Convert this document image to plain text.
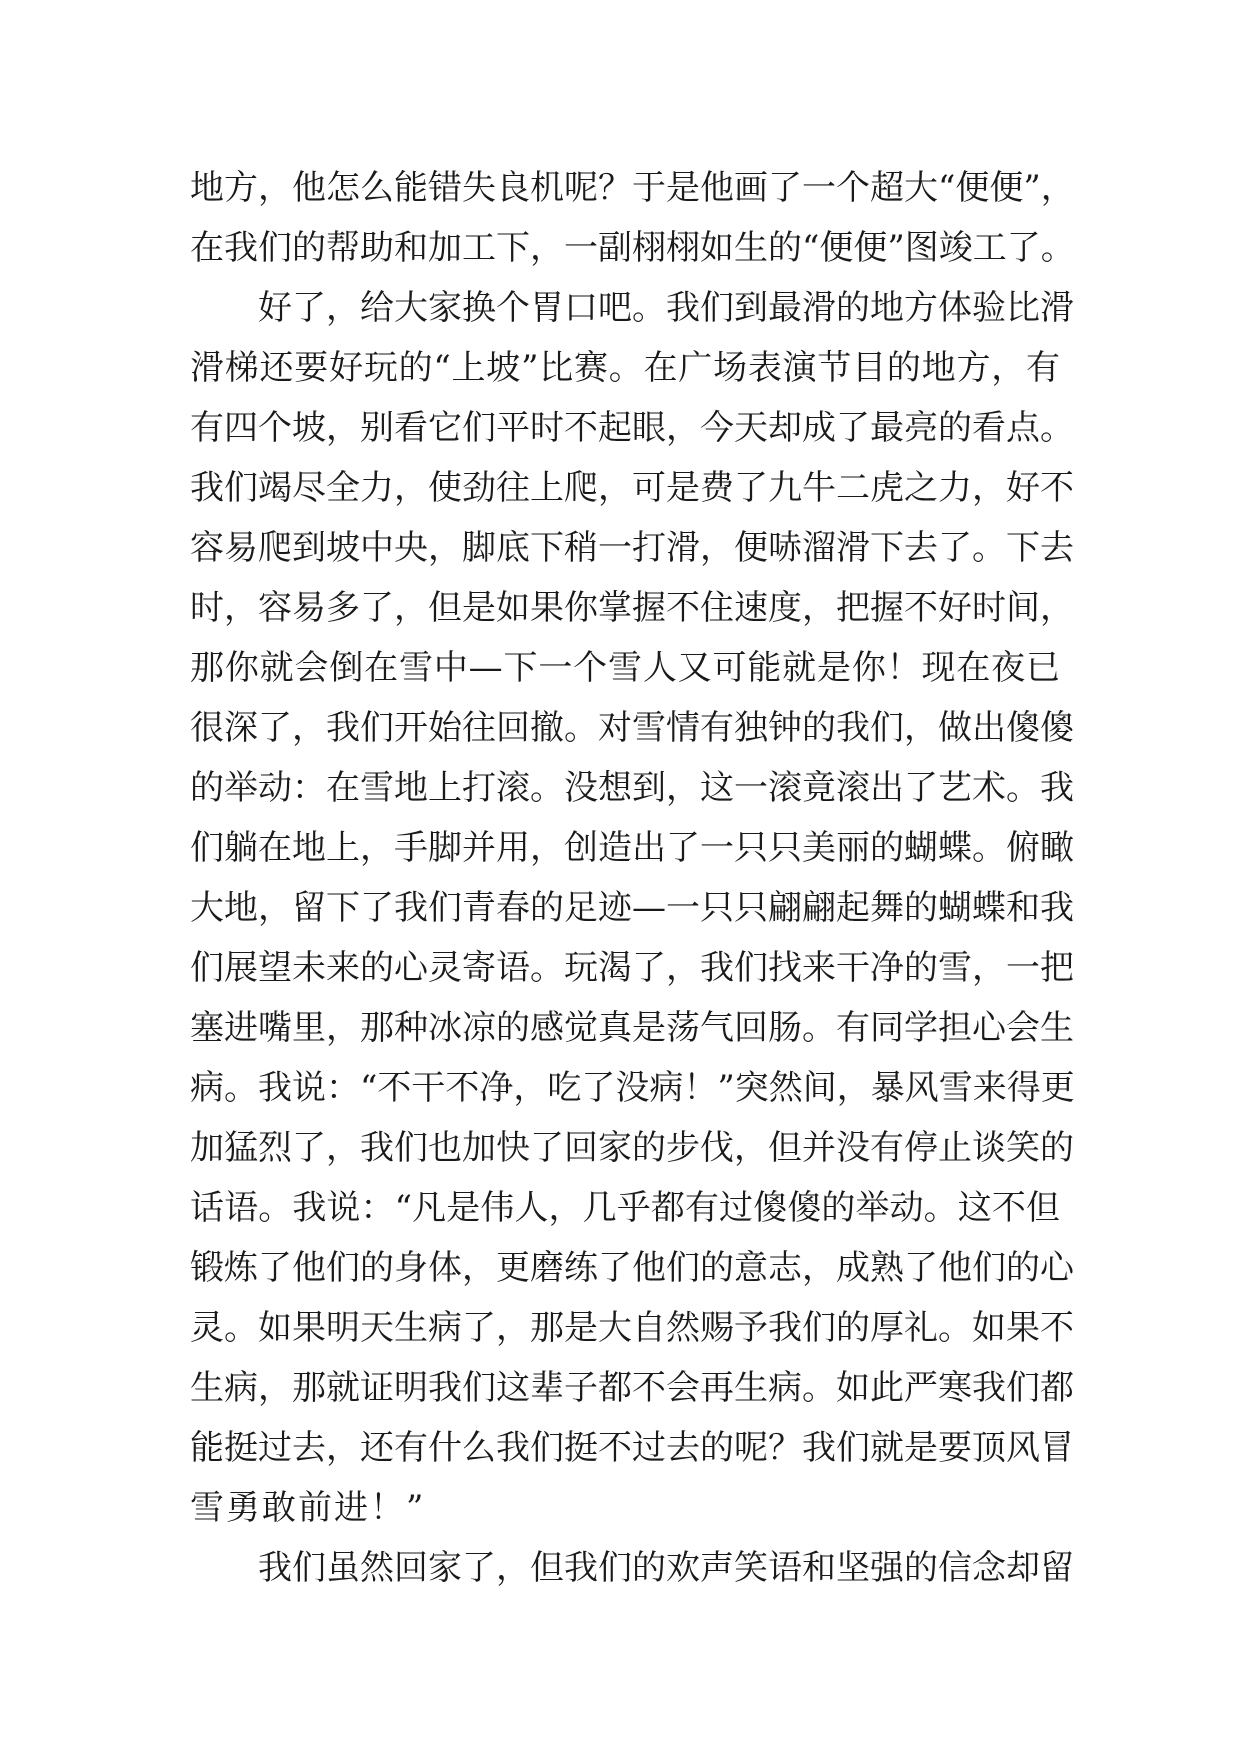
地方，他怎么能错失良机呢？于是他画了一个超大“便便”，
在我们的帮助和加工下，一副栩栩如生的“便便”图竣工了。
好了，给大家换个胃口吧。我们到最滑的地方体验比滑
滑梯还要好玩的“上坡”比赛。在广场表演节目的地方，有
有四个坡，别看它们平时不起眼，今天却成了最亮的看点。
我们竭尽全力，使劲往上爬，可是费了九牛二虎之力，好不
容易爬到坡中央，脚底下稍一打滑，便哧溜滑下去了。下去
时，容易多了，但是如果你掌握不住速度，把握不好时间，
那你就会倒在雪中—下一个雪人又可能就是你！现在夜已
很深了，我们开始往回撤。对雪情有独钟的我们，做出傻傻
的举动：在雪地上打滚。没想到，这一滚竟滚出了艺术。我
们躺在地上，手脚并用，创造出了一只只美丽的蝴蝶。俯瞰
大地，留下了我们青春的足迹—一只只翩翩起舞的蝴蝶和我
们展望未来的心灵寄语。玩渴了，我们找来干净的雪，一把
塞进嘴里，那种冰凉的感觉真是荡气回肠。有同学担心会生
病。我说：“不干不净，吃了没病！”突然间，暴风雪来得更
加猛烈了，我们也加快了回家的步伐，但并没有停止谈笑的
话语。我说：“凡是伟人，几乎都有过傻傻的举动。这不但
锻炼了他们的身体，更磨练了他们的意志，成熟了他们的心
灵。如果明天生病了，那是大自然赐予我们的厚礼。如果不
生病，那就证明我们这辈子都不会再生病。如此严寒我们都
能挺过去，还有什么我们挺不过去的呢？我们就是要顶风冒
雪勇敢前进！”
我们虽然回家了，但我们的欢声笑语和坚强的信念却留
